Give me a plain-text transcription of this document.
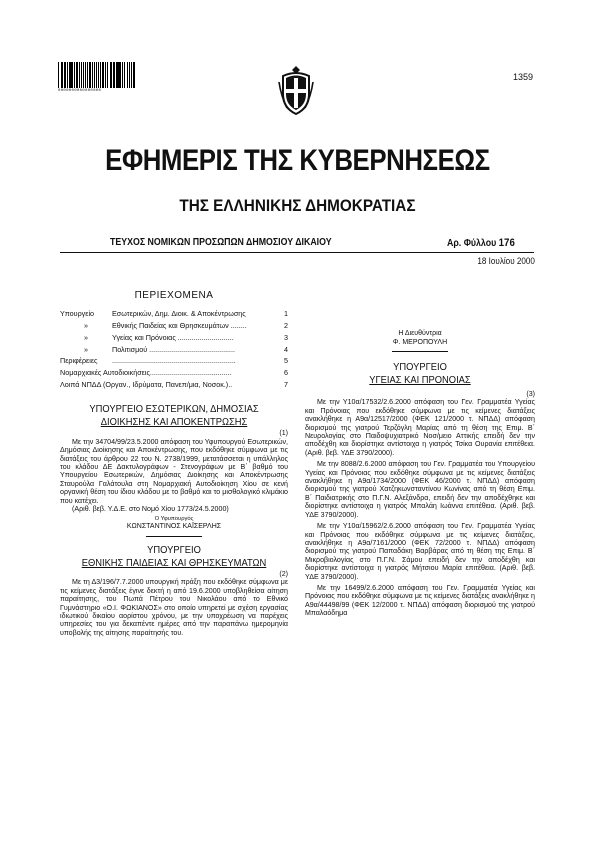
0000000000000000
1359
ΕΦΗΜΕΡΙΣ ΤΗΣ ΚΥΒΕΡΝΗΣΕΩΣ
ΤΗΣ ΕΛΛΗΝΙΚΗΣ ΔΗΜΟΚΡΑΤΙΑΣ
ΤΕΥΧΟΣ ΝΟΜΙΚΩΝ ΠΡΟΣΩΠΩΝ ΔΗΜΟΣΙΟΥ ΔΙΚΑΙΟΥ	Αρ. Φύλλου 176
18 Ιουλίου 2000
ΠΕΡΙΕΧΟΜΕΝΑ
Υπουργείο	Εσωτερικών, Δημ. Διοικ. & Αποκέντρωσης	1
»	Εθνικής Παιδείας και Θρησκευμάτων ........	2
»	Υγείας και Πρόνοιας ............................	3
»	Πολιτισμού ...........................................	4
Περιφέρειες	..............................................................	5
Νομαρχιακές Αυτοδιοικήσεις .........................................	6
Λοιπά ΝΠΔΔ (Οργαν., Ιδρύματα, Πανεπ/μια, Νοσοκ.) ..	7
ΥΠΟΥΡΓΕΙΟ ΕΣΩΤΕΡΙΚΩΝ, ΔΗΜΟΣΙΑΣ
ΔΙΟΙΚΗΣΗΣ ΚΑΙ ΑΠΟΚΕΝΤΡΩΣΗΣ
(1)

Με την 34704/99/23.5.2000 απόφαση του Υφυπουργού Εσωτερικών, Δημόσιας Διοίκησης και Αποκέντρωσης, που εκδόθηκε σύμφωνα με τις διατάξεις του άρθρου 22 του Ν. 2738/1999, μετατάσσεται η υπάλληλος του κλάδου ΔΕ Δακτυλογράφων - Στενογράφων με Β΄ βαθμό του Υπουργείου Εσωτερικών, Δημόσιας Διοίκησης και Αποκέντρωσης Σταυρούλα Γαλάτουλα στη Νομαρχιακή Αυτοδιοίκηση Χίου σε κενή οργανική θέση του ίδιου κλάδου με το βαθμό και το μισθολογικό κλιμάκιο που κατέχει.

(Αριθ. βεβ. Υ.Δ.Ε. στο Νομό Χίου 1773/24.5.2000)

Ο Υφυπουργός
ΚΩΝΣΤΑΝΤΙΝΟΣ ΚΑΪΣΕΡΛΗΣ
ΥΠΟΥΡΓΕΙΟ
ΕΘΝΙΚΗΣ ΠΑΙΔΕΙΑΣ ΚΑΙ ΘΡΗΣΚΕΥΜΑΤΩΝ
(2)

Με τη Δ3/196/7.7.2000 υπουργική πράξη που εκδόθηκε σύμφωνα με τις κείμενες διατάξεις έγινε δεκτή η από 19.6.2000 υποβληθείσα αίτηση παραίτησης, του Πωπά Πέτρου του Νικολάου από το Εθνικό Γυμνάστηριο «Ο.Ι. ΦΩΚΙΑΝΟΣ» στο οποίο υπηρετεί με σχέση εργασίας ιδιωτικού δικαίου αορίστου χρόνου, με την υποχρέωση να παρέχεις υπηρεσίες του για δεκαπέντε ημέρες από την παραπάνω ημερομηνία υποβολής της αίτησης παραίτησής του.

Η Διευθύντρια
Φ. ΜΕΡΟΠΟΥΛΗ
ΥΠΟΥΡΓΕΙΟ
ΥΓΕΙΑΣ ΚΑΙ ΠΡΟΝΟΙΑΣ
(3)

Με την Υ10α/17532/2.6.2000 απόφαση του Γεν. Γραμματέα Υγείας και Πρόνοιας που εκδόθηκε σύμφωνα με τις κείμενες διατάξεις ανακλήθηκε η Α9α/12517/2000 (ΦΕΚ 121/2000 τ. ΝΠΔΔ) απόφαση διορισμού της γιατρού Τερζόγλη Μαρίας από τη θέση της Επιμ. Β΄ Νευρολογίας στο Παιδοψυχιατρικό Νοσ/μειο Αττικής επειδή δεν την αποδέχθη και διορίστηκε αντίστοιχα η γιατρός Τσίκα Ουρανία επιτέθεια. (Αριθ. βεβ. ΥΔΕ 3790/2000).

Με την 8088/2.6.2000 απόφαση του Γεν. Γραμματέα του Υπουργείου Υγείας και Πρόνοιας που εκδόθηκε σύμφωνα με τις κείμενες διατάξεις ανακλήθηκε η Α9α/1734/2000 (ΦΕΚ 46/2000 τ. ΝΠΔΔ) απόφαση διορισμού της γιατρού Χατζηκωνσταντίνου Κωνίνας από τη θέση Επιμ. Β΄ Παιδιατρικής στο Π.Γ.Ν. Αλεξάνδρα, επειδή δεν την αποδέχθηκε και διορίστηκε αντίστοιχα η γιατρός Μπαλάη Ιωάννα επιτέθεια. (Αριθ. βεβ. ΥΔΕ 3790/2000).

Με την Υ10α/15962/2.6.2000 απόφαση του Γεν. Γραμματέα Υγείας και Πρόνοιας που εκδόθηκε σύμφωνα με τις κείμενες διατάξεις, ανακλήθηκε η Α9α/7161/2000 (ΦΕΚ 72/2000 τ. ΝΠΔΔ) απόφαση διορισμού της γιατρού Παπαδάκη Βαρβάρας από τη θέση της Επιμ. Β΄ Μικροβιολογίας στο Π.Γ.Ν. Σάμου επειδή δεν την αποδέχθη και διορίστηκε αντίστοιχα η γιατρός Μήτσιου Μαρία επιτέθεια. (Αριθ. βεβ. ΥΔΕ 3790/2000).

Με την 16499/2.6.2000 απόφαση του Γεν. Γραμματέα Υγείας και Πρόνοιας που εκδόθηκε σύμφωνα με τις κείμενες διατάξεις ανακλήθηκε η Α9α/44498/99 (ΦΕΚ 12/2000 τ. ΝΠΔΔ) απόφαση διορισμού της γιατρού Μπαλαόδημα
